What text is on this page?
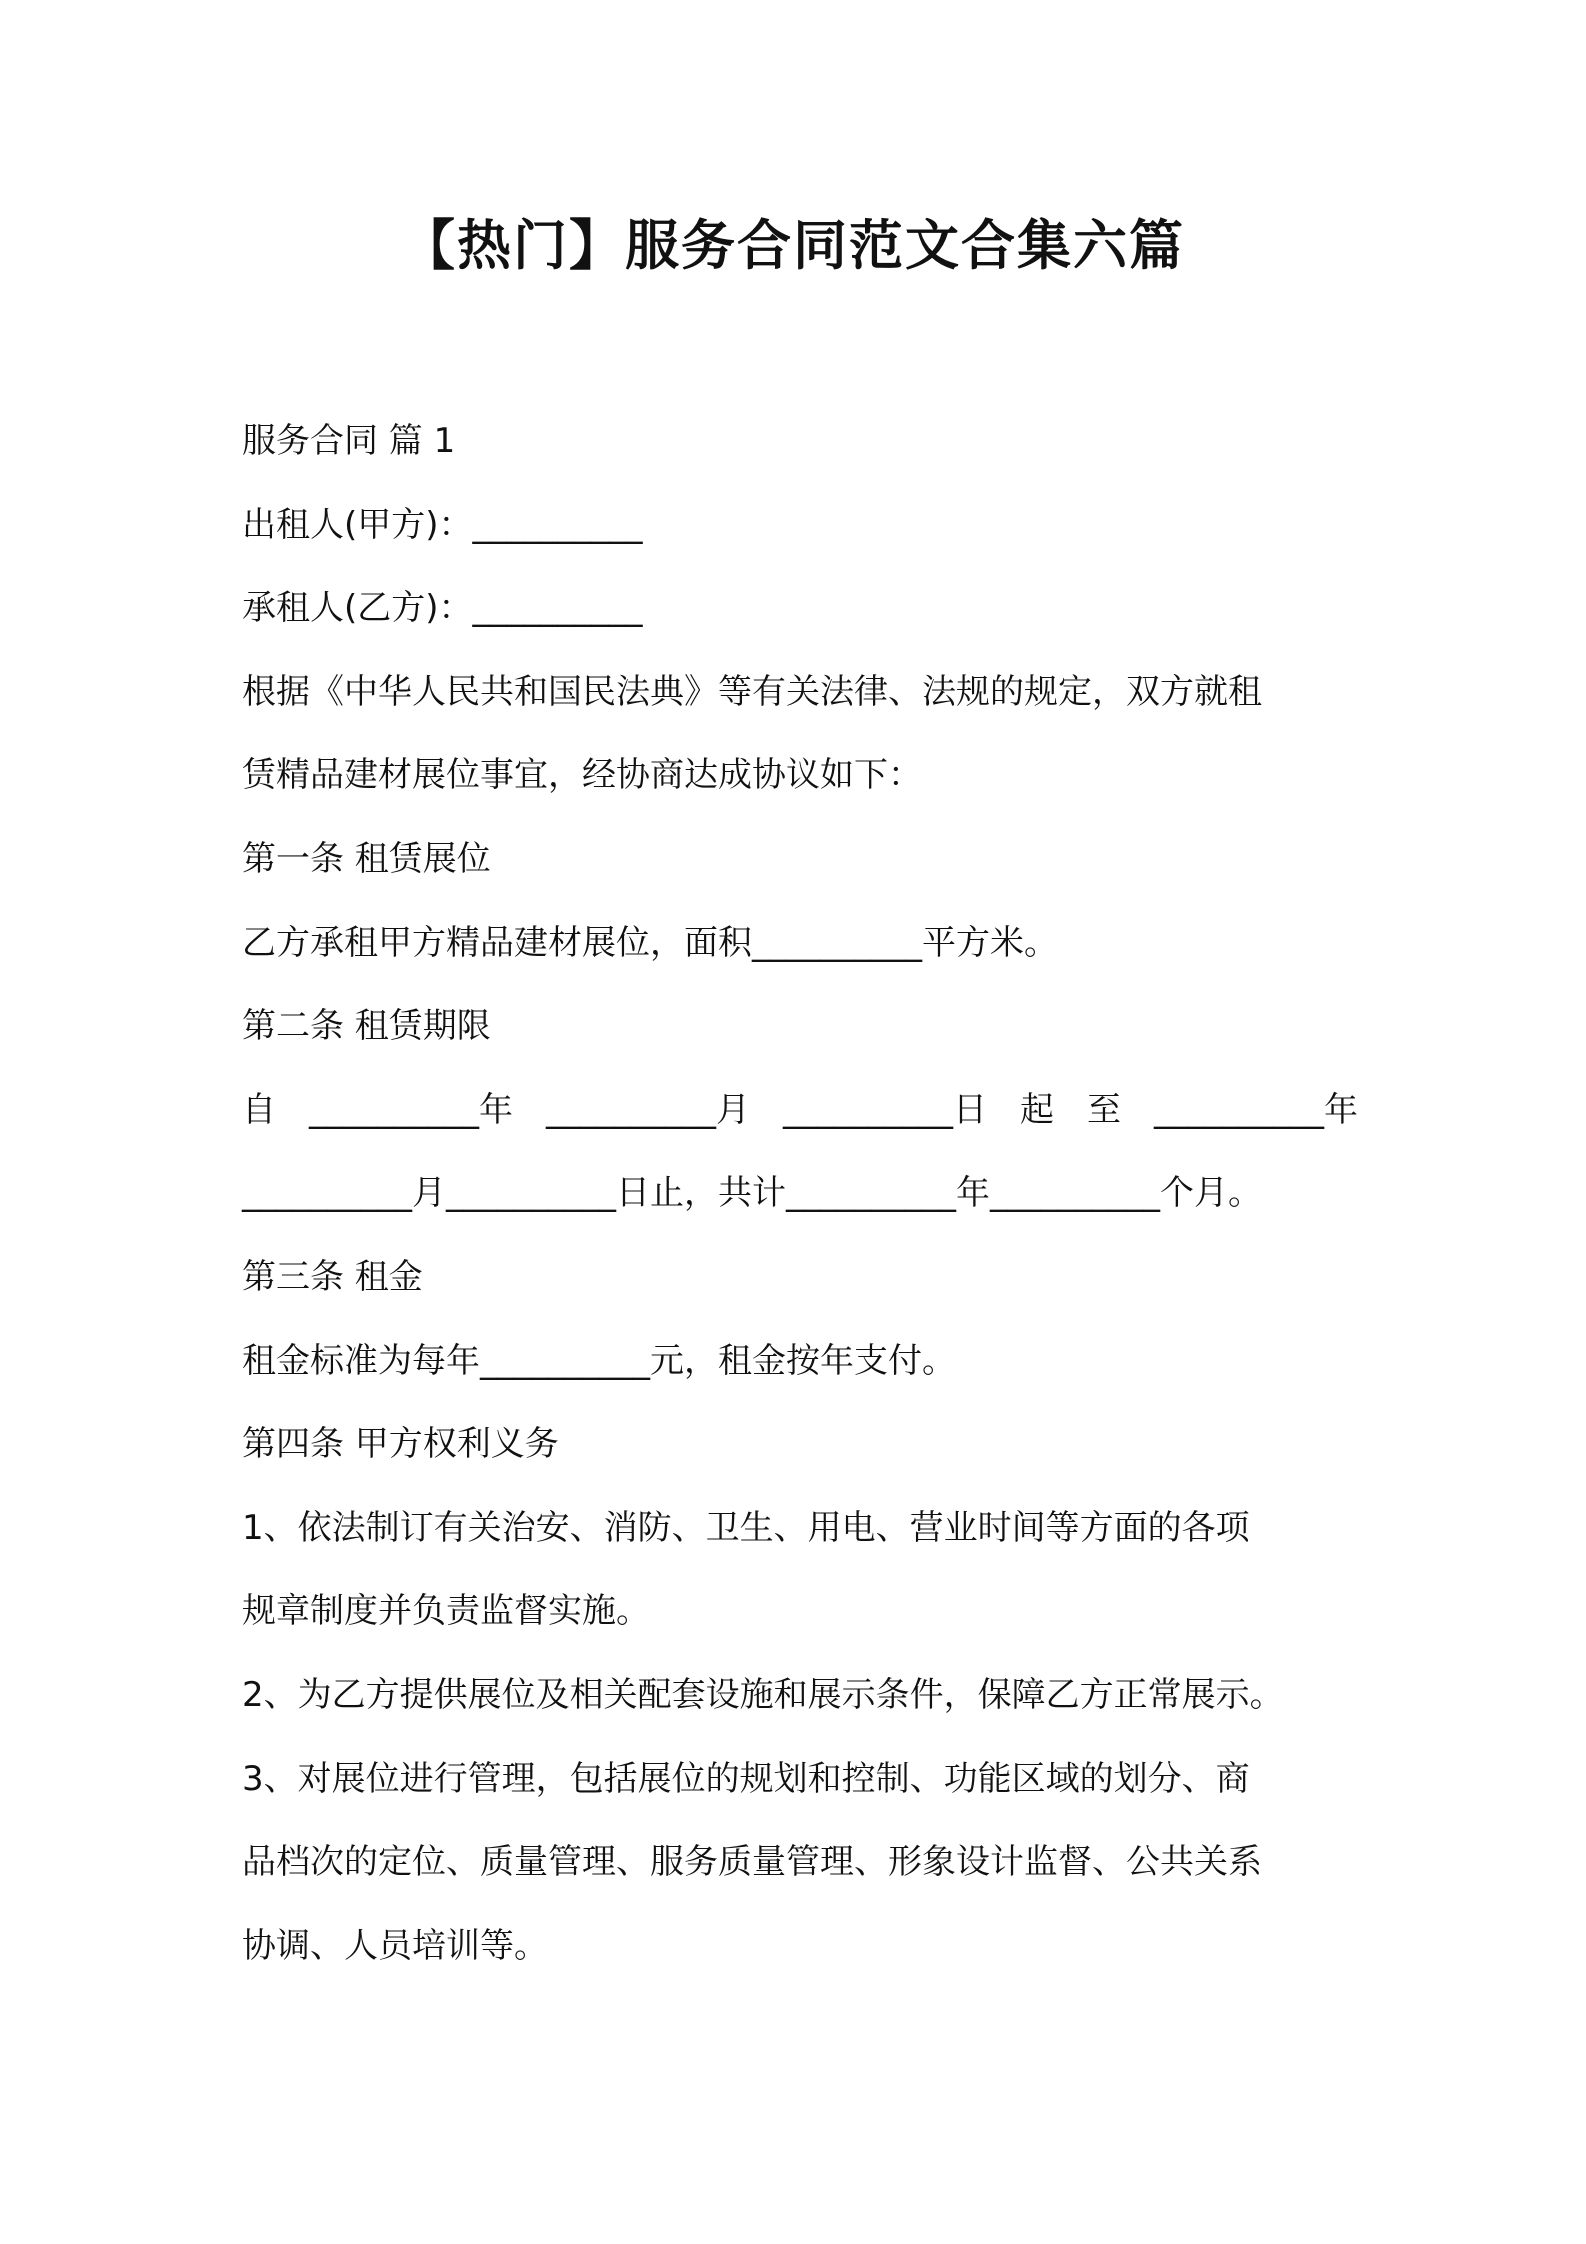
【热门】服务合同范文合集六篇
服务合同 篇 1
出租人(甲方)：__________
承租人(乙方)：__________
根据《中华人民共和国民法典》等有关法律、法规的规定，双方就租
赁精品建材展位事宜，经协商达成协议如下：
第一条 租赁展位
乙方承租甲方精品建材展位，面积__________平方米。
第二条 租赁期限
自 __________年 __________月 __________日 起 至 __________年
__________月__________日止，共计__________年__________个月。
第三条 租金
租金标准为每年__________元，租金按年支付。
第四条 甲方权利义务
1、依法制订有关治安、消防、卫生、用电、营业时间等方面的各项
规章制度并负责监督实施。
2、为乙方提供展位及相关配套设施和展示条件，保障乙方正常展示。
3、对展位进行管理，包括展位的规划和控制、功能区域的划分、商
品档次的定位、质量管理、服务质量管理、形象设计监督、公共关系
协调、人员培训等。
